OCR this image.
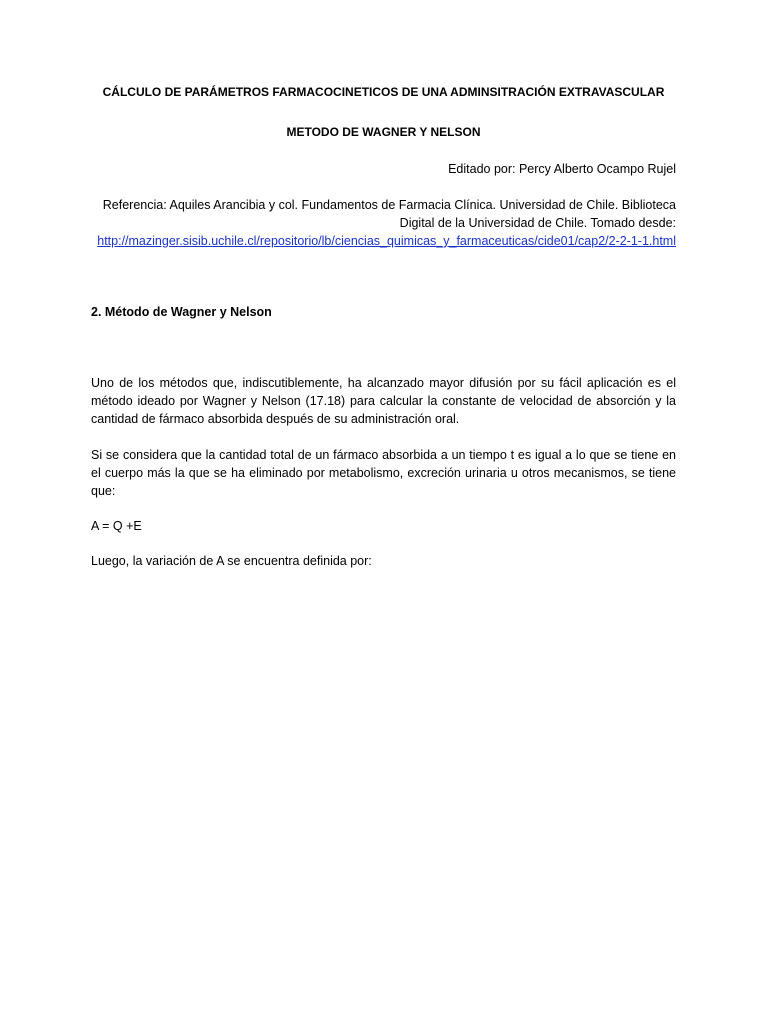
CÁLCULO DE PARÁMETROS FARMACOCINETICOS DE UNA ADMINSITRACIÓN EXTRAVASCULAR

METODO DE WAGNER Y NELSON

Editado por: Percy Alberto Ocampo Rujel

Referencia: Aquiles Arancibia y col. Fundamentos de Farmacia Clínica. Universidad de Chile. Biblioteca Digital de la Universidad de Chile. Tomado desde: http://mazinger.sisib.uchile.cl/repositorio/lb/ciencias_quimicas_y_farmaceuticas/cide01/cap2/2-2-1-1.html

2. Método de Wagner y Nelson

Uno de los métodos que, indiscutiblemente, ha alcanzado mayor difusión por su fácil aplicación es el método ideado por Wagner y Nelson (17.18) para calcular la constante de velocidad de absorción y la cantidad de fármaco absorbida después de su administración oral.

Si se considera que la cantidad total de un fármaco absorbida a un tiempo t es igual a lo que se tiene en el cuerpo más la que se ha eliminado por metabolismo, excreción urinaria u otros mecanismos, se tiene que:

A = Q +E

Luego, la variación de A se encuentra definida por:
